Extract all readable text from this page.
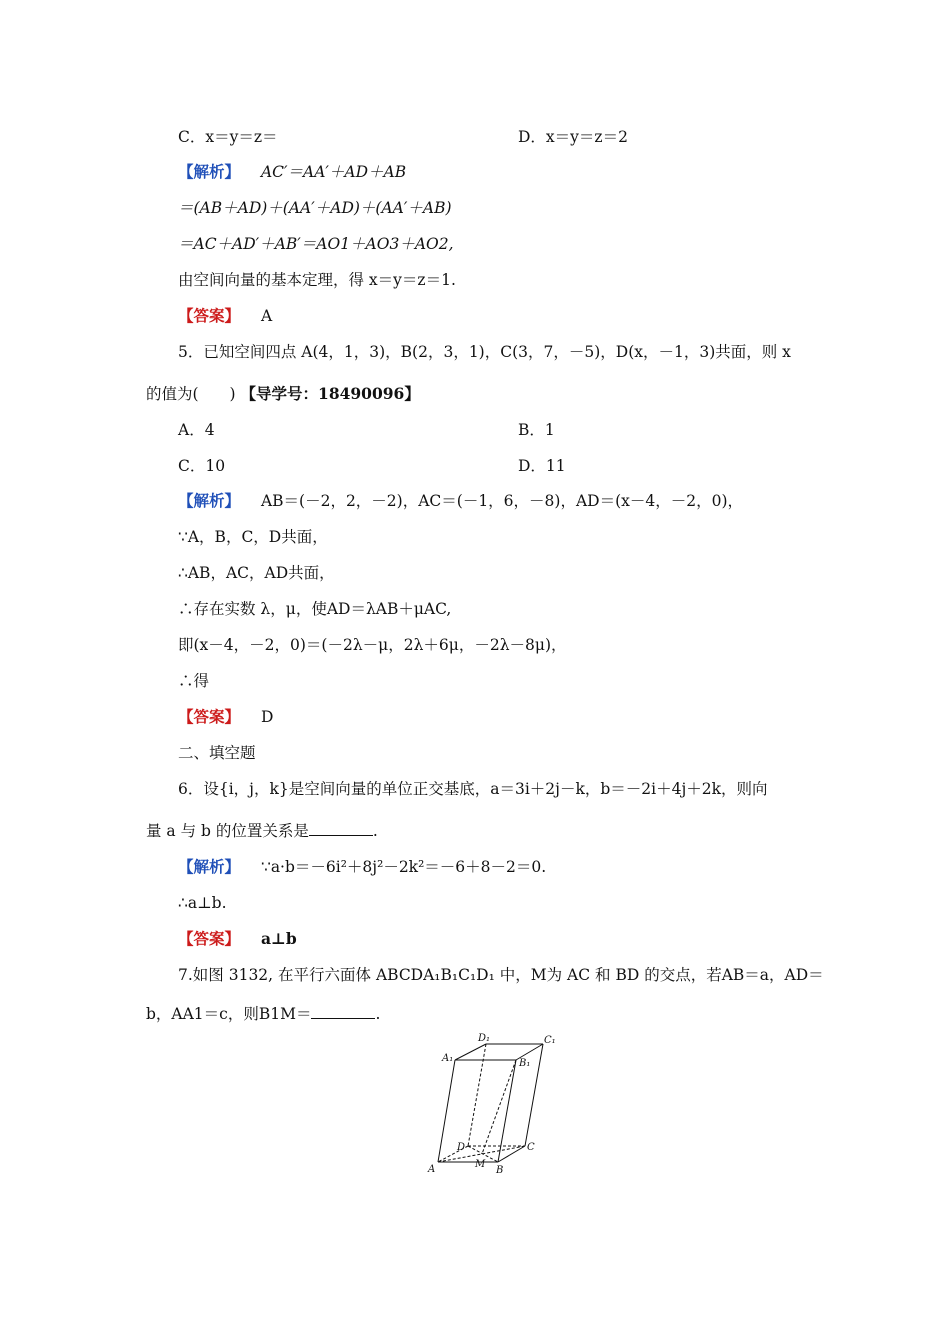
C．x＝y＝z＝	D．x＝y＝z＝2
【解析】 AC′＝AA′＋AD＋AB
＝(AB＋AD)＋(AA′＋AD)＋(AA′＋AB)
＝AC＋AD′＋AB′＝AO1＋AO3＋AO2,
由空间向量的基本定理，得 x＝y＝z＝1.
【答案】 A
5．已知空间四点 A(4，1，3)，B(2，3，1)，C(3，7，－5)，D(x，－1，3)共面，则 x
的值为(　　) 【导学号：18490096】
A．4	B．1
C．10	D．11
【解析】 AB＝(－2，2，－2)，AC＝(－1，6，－8)，AD＝(x－4，－2，0)，
∵A，B，C，D共面，
∴AB，AC，AD共面，
∴存在实数 λ，μ，使AD＝λAB＋μAC,
即(x－4，－2，0)＝(－2λ－μ，2λ＋6μ，－2λ－8μ)，
∴得
【答案】 D
二、填空题
6．设{i，j，k}是空间向量的单位正交基底，a＝3i＋2j－k，b＝－2i＋4j＋2k，则向
量 a 与 b 的位置关系是	.
【解析】 ∵a·b＝－6i²＋8j²－2k²＝－6＋8－2＝0.
∴a⊥b.
【答案】 a⊥b
7.如图 3132, 在平行六面体 ABCDA₁B₁C₁D₁ 中，M为 AC 和 BD 的交点，若AB＝a，AD＝
b，AA1＝c，则B1M＝	.
D₁	C₁
A₁	B₁
D	C
A	M
B
